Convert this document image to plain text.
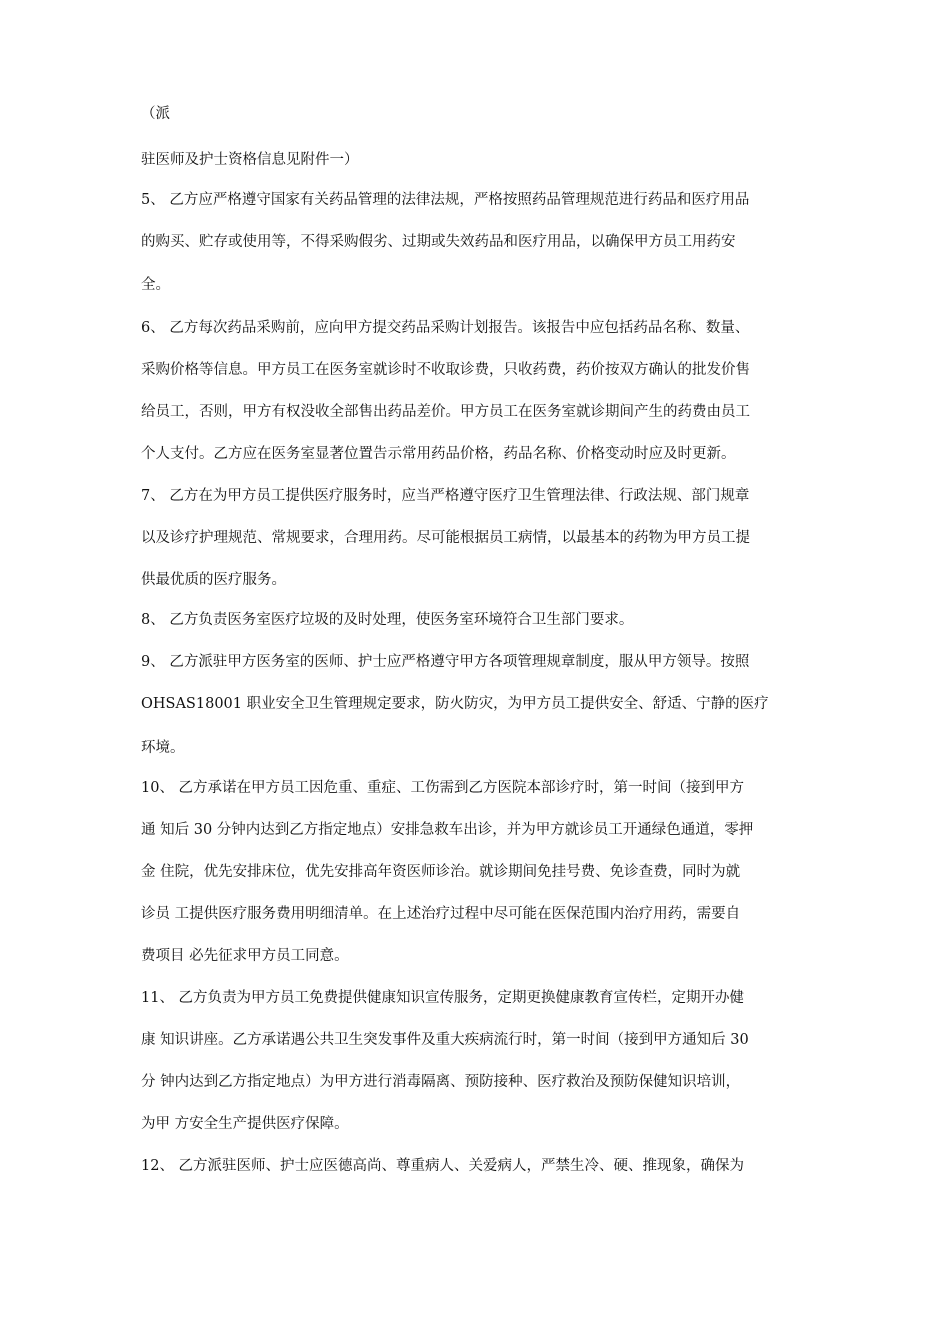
（派

驻医师及护士资格信息见附件一）

5、 乙方应严格遵守国家有关药品管理的法律法规，严格按照药品管理规范进行药品和医疗用品

的购买、贮存或使用等，不得采购假劣、过期或失效药品和医疗用品，以确保甲方员工用药安

全。

6、 乙方每次药品采购前，应向甲方提交药品采购计划报告。该报告中应包括药品名称、数量、

采购价格等信息。甲方员工在医务室就诊时不收取诊费，只收药费，药价按双方确认的批发价售

给员工，否则，甲方有权没收全部售出药品差价。甲方员工在医务室就诊期间产生的药费由员工

个人支付。乙方应在医务室显著位置告示常用药品价格，药品名称、价格变动时应及时更新。

7、 乙方在为甲方员工提供医疗服务时，应当严格遵守医疗卫生管理法律、行政法规、部门规章

以及诊疗护理规范、常规要求，合理用药。尽可能根据员工病情，以最基本的药物为甲方员工提

供最优质的医疗服务。

8、 乙方负责医务室医疗垃圾的及时处理，使医务室环境符合卫生部门要求。

9、 乙方派驻甲方医务室的医师、护士应严格遵守甲方各项管理规章制度，服从甲方领导。按照

OHSAS18001 职业安全卫生管理规定要求，防火防灾，为甲方员工提供安全、舒适、宁静的医疗

环境。

10、 乙方承诺在甲方员工因危重、重症、工伤需到乙方医院本部诊疗时，第一时间（接到甲方

通 知后 30 分钟内达到乙方指定地点）安排急救车出诊，并为甲方就诊员工开通绿色通道，零押

金 住院，优先安排床位，优先安排高年资医师诊治。就诊期间免挂号费、免诊查费，同时为就

诊员 工提供医疗服务费用明细清单。在上述治疗过程中尽可能在医保范围内治疗用药，需要自

费项目 必先征求甲方员工同意。

11、 乙方负责为甲方员工免费提供健康知识宣传服务，定期更换健康教育宣传栏，定期开办健

康 知识讲座。乙方承诺遇公共卫生突发事件及重大疾病流行时，第一时间（接到甲方通知后 30

分 钟内达到乙方指定地点）为甲方进行消毒隔离、预防接种、医疗救治及预防保健知识培训，

为甲 方安全生产提供医疗保障。

12、 乙方派驻医师、护士应医德高尚、尊重病人、关爱病人，严禁生冷、硬、推现象，确保为
